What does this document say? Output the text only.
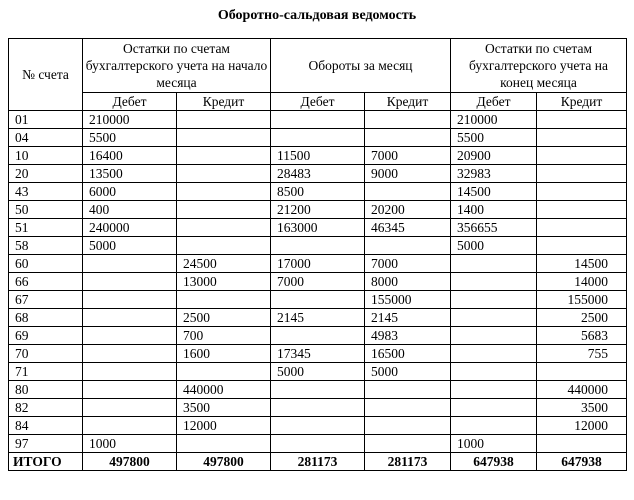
Оборотно-сальдовая ведомость
№ счета	Остатки по счетам бухгалтерского учета на начало месяца		Обороты за месяц		Остатки по счетам бухгалтерского учета на конец месяца	
	Дебет	Кредит	Дебет	Кредит	Дебет	Кредит
01	210000				210000	
04	5500				5500	
10	16400		11500	7000	20900	
20	13500		28483	9000	32983	
43	6000		8500		14500	
50	400		21200	20200	1400	
51	240000		163000	46345	356655	
58	5000				5000	
60		24500	17000	7000		14500
66		13000	7000	8000		14000
67				155000		155000
68		2500	2145	2145		2500
69		700		4983		5683
70		1600	17345	16500		755
71			5000	5000		
80		440000				440000
82		3500				3500
84		12000				12000
97	1000				1000	
ИТОГО	497800	497800	281173	281173	647938	647938
